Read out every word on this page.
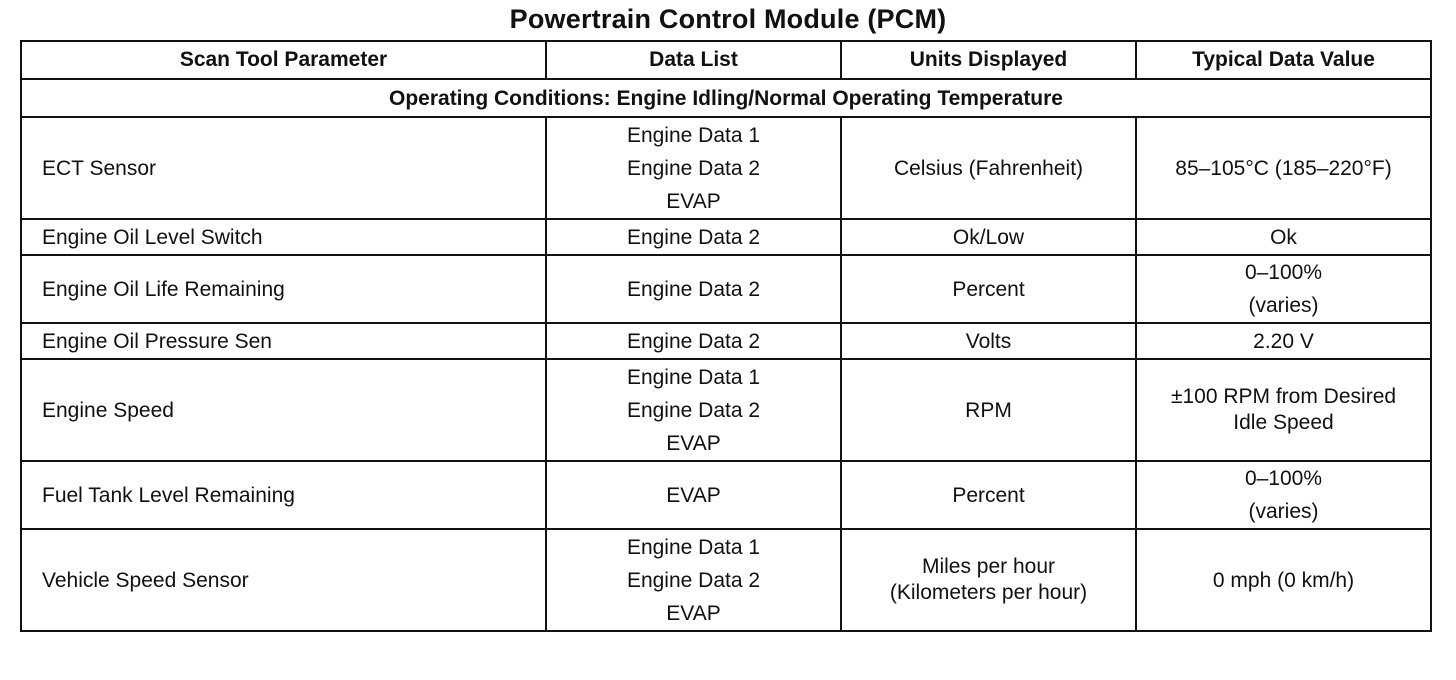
Powertrain Control Module (PCM)
Scan Tool Parameter	Data List	Units Displayed	Typical Data Value
Operating Conditions: Engine Idling/Normal Operating Temperature			
ECT Sensor	Engine Data 1
Engine Data 2
EVAP	Celsius (Fahrenheit)	85–105°C (185–220°F)

Engine Oil Level Switch	Engine Data 2	Ok/Low	Ok

Engine Oil Life Remaining	Engine Data 2	Percent	0–100%
(varies)

Engine Oil Pressure Sen	Engine Data 2	Volts	2.20 V

Engine Speed	Engine Data 1
Engine Data 2
EVAP	RPM	±100 RPM from Desired
Idle Speed

Fuel Tank Level Remaining	EVAP	Percent	0–100%
(varies)

Vehicle Speed Sensor	Engine Data 1
Engine Data 2
EVAP	Miles per hour
(Kilometers per hour)	0 mph (0 km/h)
